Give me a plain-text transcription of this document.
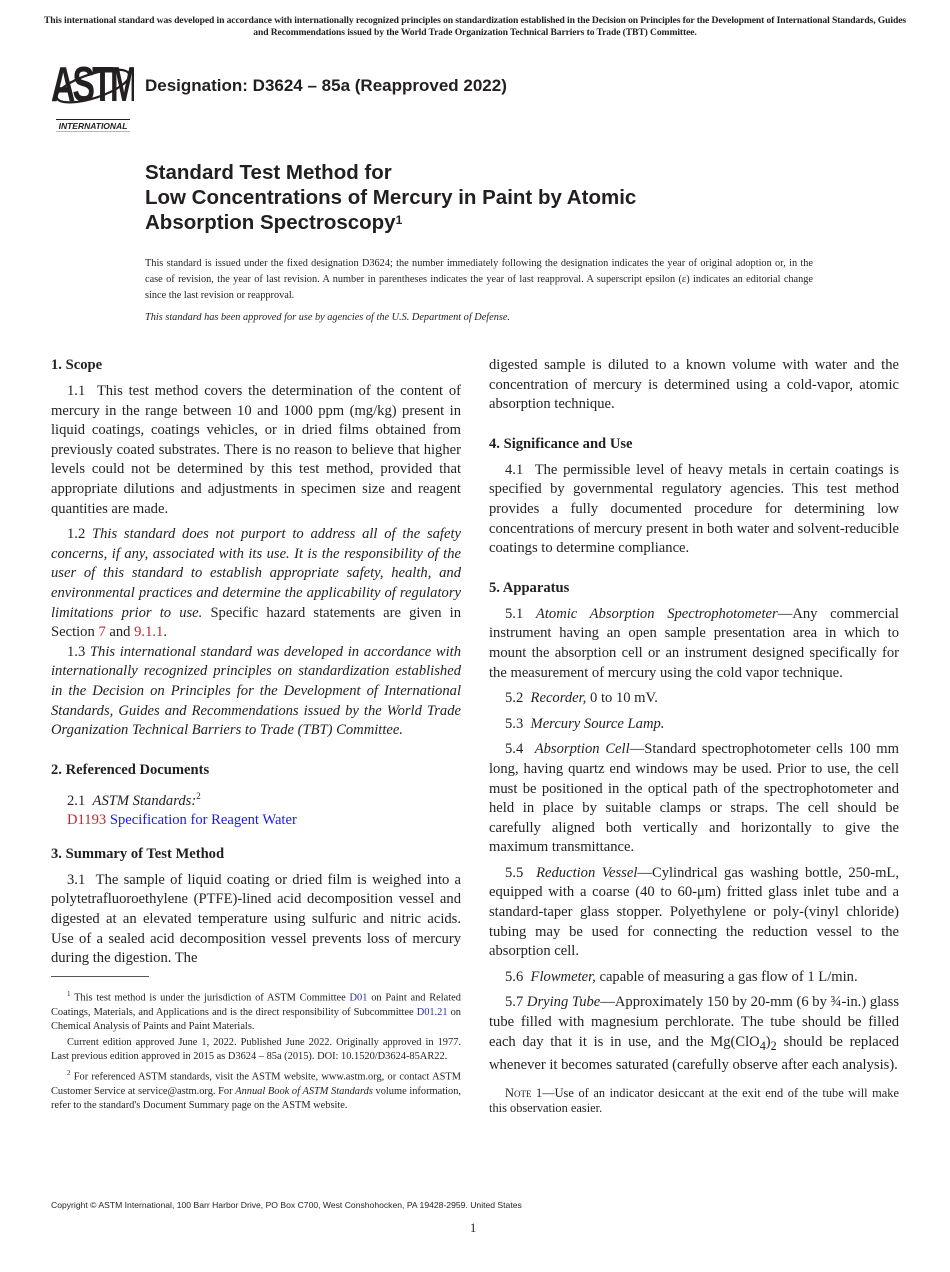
This international standard was developed in accordance with internationally recognized principles on standardization established in the Decision on Principles for the Development of International Standards, Guides and Recommendations issued by the World Trade Organization Technical Barriers to Trade (TBT) Committee.
ASTM
INTERNATIONAL
Designation: D3624 – 85a (Reapproved 2022)
Standard Test Method for
Low Concentrations of Mercury in Paint by Atomic
Absorption Spectroscopy$^1$
This standard is issued under the fixed designation D3624; the number immediately following the designation indicates the year of original adoption or, in the case of revision, the year of last revision. A number in parentheses indicates the year of last reapproval. A superscript epsilon (ε) indicates an editorial change since the last revision or reapproval.
This standard has been approved for use by agencies of the U.S. Department of Defense.
1. Scope

1.1 This test method covers the determination of the content of mercury in the range between 10 and 1000 ppm (mg/kg) present in liquid coatings, coatings vehicles, or in dried films obtained from previously coated substrates. There is no reason to believe that higher levels could not be determined by this test method, provided that appropriate dilutions and adjustments in specimen size and reagent quantities are made.

1.2 This standard does not purport to address all of the safety concerns, if any, associated with its use. It is the responsibility of the user of this standard to establish appropriate safety, health, and environmental practices and determine the applicability of regulatory limitations prior to use. Specific hazard statements are given in Section 7 and 9.1.1.

1.3 This international standard was developed in accordance with internationally recognized principles on standardization established in the Decision on Principles for the Development of International Standards, Guides and Recommendations issued by the World Trade Organization Technical Barriers to Trade (TBT) Committee.

2. Referenced Documents
2.1 ASTM Standards:$^2$
D1193 Specification for Reagent Water
3. Summary of Test Method

3.1 The sample of liquid coating or dried film is weighed into a polytetrafluoroethylene (PTFE)-lined acid decomposition vessel and digested at an elevated temperature using sulfuric and nitric acids. Use of a sealed acid decomposition vessel prevents loss of mercury during the digestion. The

$^1$ This test method is under the jurisdiction of ASTM Committee D01 on Paint and Related Coatings, Materials, and Applications and is the direct responsibility of Subcommittee D01.21 on Chemical Analysis of Paints and Paint Materials.

Current edition approved June 1, 2022. Published June 2022. Originally approved in 1977. Last previous edition approved in 2015 as D3624 – 85a (2015). DOI: 10.1520/D3624-85AR22.

$^2$ For referenced ASTM standards, visit the ASTM website, www.astm.org, or contact ASTM Customer Service at service@astm.org. For Annual Book of ASTM Standards volume information, refer to the standard's Document Summary page on the ASTM website.

digested sample is diluted to a known volume with water and the concentration of mercury is determined using a cold-vapor, atomic absorption technique.

4. Significance and Use

4.1 The permissible level of heavy metals in certain coatings is specified by governmental regulatory agencies. This test method provides a fully documented procedure for determining low concentrations of mercury present in both water and solvent-reducible coatings to determine compliance.

5. Apparatus

5.1 Atomic Absorption Spectrophotometer—Any commercial instrument having an open sample presentation area in which to mount the absorption cell or an instrument designed specifically for the measurement of mercury using the cold vapor technique.

5.2 Recorder, 0 to 10 mV.

5.3 Mercury Source Lamp.

5.4 Absorption Cell—Standard spectrophotometer cells 100 mm long, having quartz end windows may be used. Prior to use, the cell must be positioned in the optical path of the spectrophotometer and held in place by suitable clamps or straps. The cell should be carefully aligned both vertically and horizontally to give the maximum transmittance.

5.5 Reduction Vessel—Cylindrical gas washing bottle, 250-mL, equipped with a coarse (40 to 60-μm) fritted glass inlet tube and a standard-taper glass stopper. Polyethylene or poly-(vinyl chloride) tubing may be used for connecting the reduction vessel to the absorption cell.

5.6 Flowmeter, capable of measuring a gas flow of 1 L/min.

5.7 Drying Tube—Approximately 150 by 20-mm (6 by ¾-in.) glass tube filled with magnesium perchlorate. The tube should be filled each day that it is in use, and the $Mg(ClO_4)_2$ should be replaced whenever it becomes saturated (carefully observe after each analysis).

Note 1—Use of an indicator desiccant at the exit end of the tube will make this observation easier.

Copyright © ASTM International, 100 Barr Harbor Drive, PO Box C700, West Conshohocken, PA 19428-2959. United States
1
